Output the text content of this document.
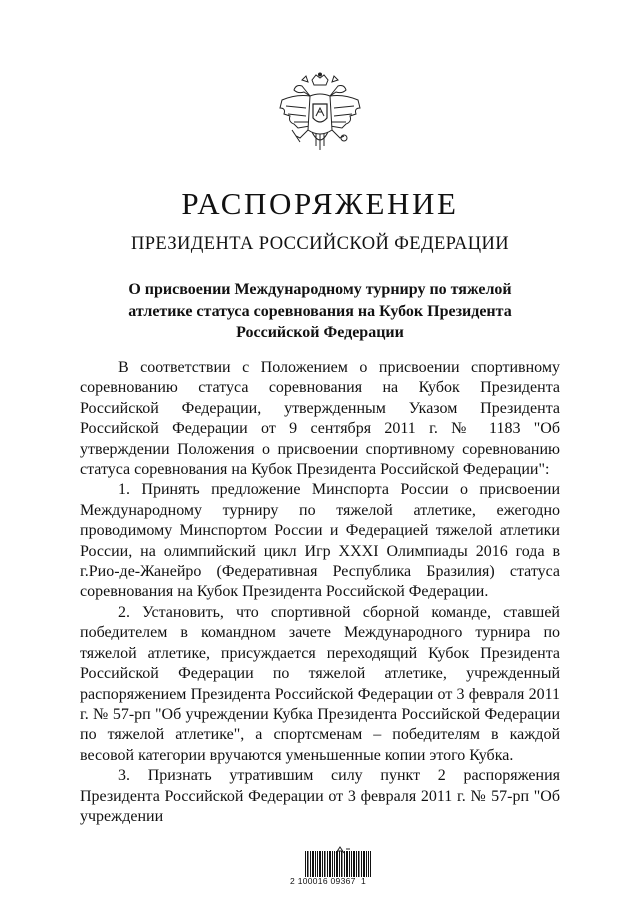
РАСПОРЯЖЕНИЕ
ПРЕЗИДЕНТА РОССИЙСКОЙ ФЕДЕРАЦИИ
О присвоении Международному турниру по тяжелой атлетике статуса соревнования на Кубок Президента Российской Федерации

В соответствии с Положением о присвоении спортивному соревнованию статуса соревнования на Кубок Президента Российской Федерации, утвержденным Указом Президента Российской Федерации от 9 сентября 2011 г. № 1183 "Об утверждении Положения о присвоении спортивному соревнованию статуса соревнования на Кубок Президента Российской Федерации":

1. Принять предложение Минспорта России о присвоении Международному турниру по тяжелой атлетике, ежегодно проводимому Минспортом России и Федерацией тяжелой атлетики России, на олимпийский цикл Игр XXXI Олимпиады 2016 года в г.Рио-де-Жанейро (Федеративная Республика Бразилия) статуса соревнования на Кубок Президента Российской Федерации.

2. Установить, что спортивной сборной команде, ставшей победителем в командном зачете Международного турнира по тяжелой атлетике, присуждается переходящий Кубок Президента Российской Федерации по тяжелой атлетике, учрежденный распоряжением Президента Российской Федерации от 3 февраля 2011 г. № 57-рп "Об учреждении Кубка Президента Российской Федерации по тяжелой атлетике", а спортсменам – победителям в каждой весовой категории вручаются уменьшенные копии этого Кубка.

3. Признать утратившим силу пункт 2 распоряжения Президента Российской Федерации от 3 февраля 2011 г. № 57-рп "Об учреждении

2 100016 09367  1
